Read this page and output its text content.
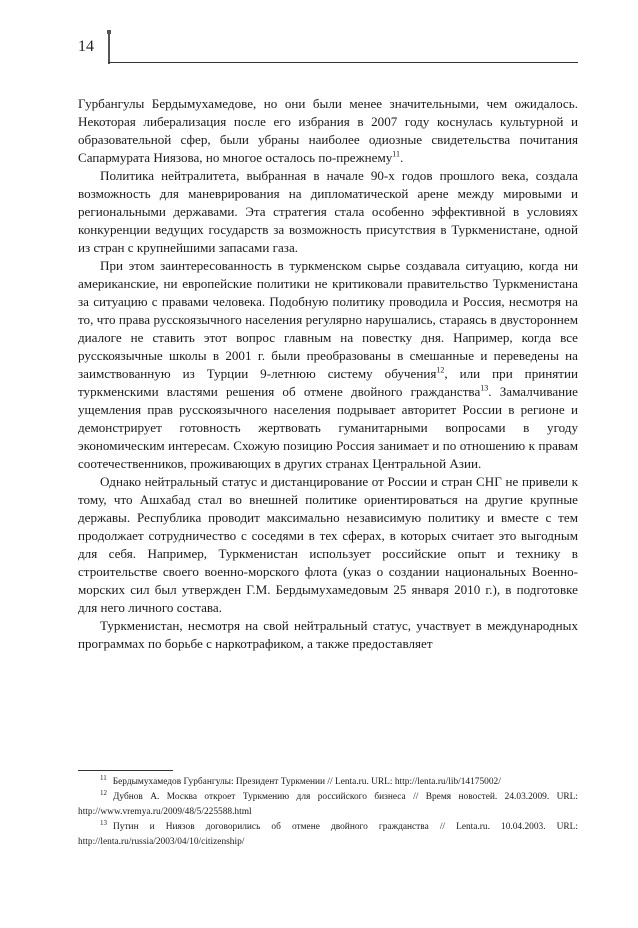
14

Гурбангулы Бердымухамедове, но они были менее значительными, чем ожидалось. Некоторая либерализация после его избрания в 2007 году коснулась культурной и образовательной сфер, были убраны наиболее одиозные свидетельства почитания Сапармурата Ниязова, но многое осталось по-прежнему$^{11}$.

Политика нейтралитета, выбранная в начале 90-х годов прошлого века, создала возможность для маневрирования на дипломатической арене между мировыми и региональными державами. Эта стратегия стала особенно эффективной в условиях конкуренции ведущих государств за возможность присутствия в Туркменистане, одной из стран с крупнейшими запасами газа.

При этом заинтересованность в туркменском сырье создавала ситуацию, когда ни американские, ни европейские политики не критиковали правительство Туркменистана за ситуацию с правами человека. Подобную политику проводила и Россия, несмотря на то, что права русскоязычного населения регулярно нарушались, стараясь в двустороннем диалоге не ставить этот вопрос главным на повестку дня. Например, когда все русскоязычные школы в 2001 г. были преобразованы в смешанные и переведены на заимствованную из Турции 9-летнюю систему обучения$^{12}$, или при принятии туркменскими властями решения об отмене двойного гражданства$^{13}$. Замалчивание ущемления прав русскоязычного населения подрывает авторитет России в регионе и демонстрирует готовность жертвовать гуманитарными вопросами в угоду экономическим интересам. Схожую позицию Россия занимает и по отношению к правам соотечественников, проживающих в других странах Центральной Азии.

Однако нейтральный статус и дистанцирование от России и стран СНГ не привели к тому, что Ашхабад стал во внешней политике ориентироваться на другие крупные державы. Республика проводит максимально независимую политику и вместе с тем продолжает сотрудничество с соседями в тех сферах, в которых считает это выгодным для себя. Например, Туркменистан использует российские опыт и технику в строительстве своего военно-морского флота (указ о создании национальных Военно-морских сил был утвержден Г.М. Бердымухамедовым 25 января 2010 г.), в подготовке для него личного состава.

Туркменистан, несмотря на свой нейтральный статус, участвует в международных программах по борьбе с наркотрафиком, а также предоставляет

$^{11}$ Бердымухамедов Гурбангулы: Президент Туркмении // Lenta.ru. URL: http://lenta.ru/lib/14175002/

$^{12}$ Дубнов А. Москва откроет Туркмению для российского бизнеса // Время новостей. 24.03.2009. URL: http://www.vremya.ru/2009/48/5/225588.html

$^{13}$ Путин и Ниязов договорились об отмене двойного гражданства // Lenta.ru. 10.04.2003. URL: http://lenta.ru/russia/2003/04/10/citizenship/
